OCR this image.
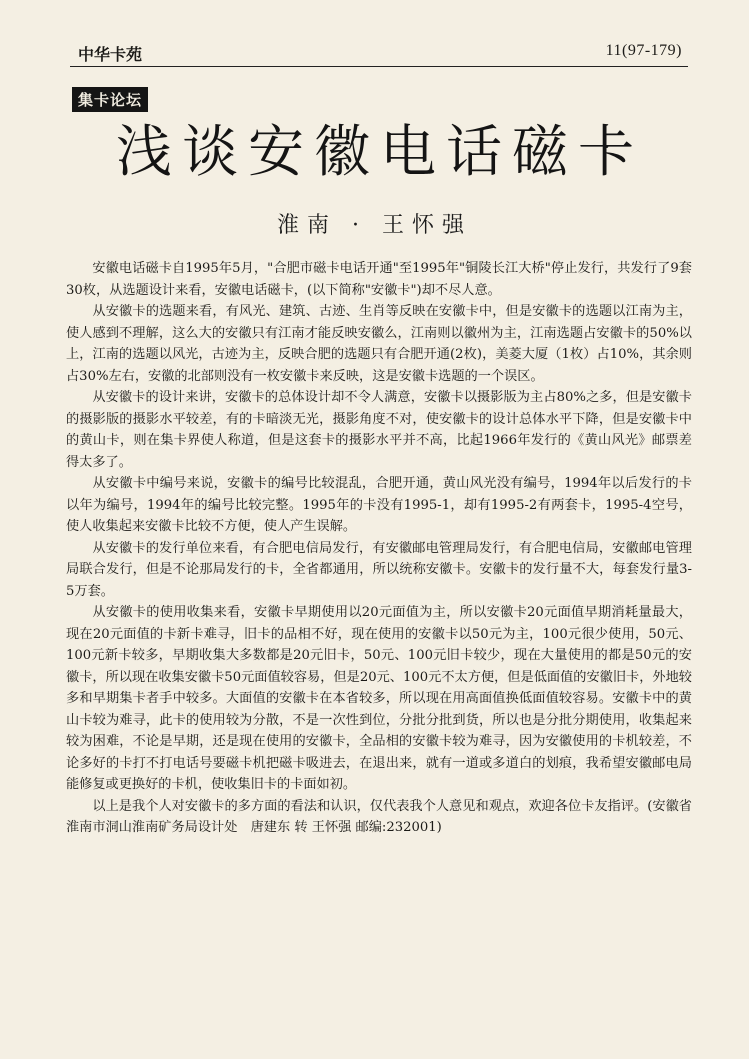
中华卡苑	11(97-179)
集卡论坛
浅谈安徽电话磁卡
淮南 · 王怀强

安徽电话磁卡自1995年5月，"合肥市磁卡电话开通"至1995年"铜陵长江大桥"停止发行，共发行了9套30枚，从选题设计来看，安徽电话磁卡，(以下简称"安徽卡")却不尽人意。

从安徽卡的选题来看，有风光、建筑、古迹、生肖等反映在安徽卡中，但是安徽卡的选题以江南为主，使人感到不理解，这么大的安徽只有江南才能反映安徽么，江南则以徽州为主，江南选题占安徽卡的50%以上，江南的选题以风光，古迹为主，反映合肥的选题只有合肥开通(2枚)，美菱大厦（1枚）占10%，其余则占30%左右，安徽的北部则没有一枚安徽卡来反映，这是安徽卡选题的一个误区。

从安徽卡的设计来讲，安徽卡的总体设计却不令人满意，安徽卡以摄影版为主占80%之多，但是安徽卡的摄影版的摄影水平较差，有的卡暗淡无光，摄影角度不对，使安徽卡的设计总体水平下降，但是安徽卡中的黄山卡，则在集卡界使人称道，但是这套卡的摄影水平并不高，比起1966年发行的《黄山风光》邮票差得太多了。

从安徽卡中编号来说，安徽卡的编号比较混乱，合肥开通，黄山风光没有编号，1994年以后发行的卡以年为编号，1994年的编号比较完整。1995年的卡没有1995-1，却有1995-2有两套卡，1995-4空号，使人收集起来安徽卡比较不方便，使人产生误解。

从安徽卡的发行单位来看，有合肥电信局发行，有安徽邮电管理局发行，有合肥电信局，安徽邮电管理局联合发行，但是不论那局发行的卡，全省都通用，所以统称安徽卡。安徽卡的发行量不大，每套发行量3-5万套。

从安徽卡的使用收集来看，安徽卡早期使用以20元面值为主，所以安徽卡20元面值早期消耗量最大，现在20元面值的卡新卡难寻，旧卡的品相不好，现在使用的安徽卡以50元为主，100元很少使用，50元、100元新卡较多，早期收集大多数都是20元旧卡，50元、100元旧卡较少，现在大量使用的都是50元的安徽卡，所以现在收集安徽卡50元面值较容易，但是20元、100元不太方便，但是低面值的安徽旧卡，外地较多和早期集卡者手中较多。大面值的安徽卡在本省较多，所以现在用高面值换低面值较容易。安徽卡中的黄山卡较为难寻，此卡的使用较为分散，不是一次性到位，分批分批到货，所以也是分批分期使用，收集起来较为困难，不论是早期，还是现在使用的安徽卡，全品相的安徽卡较为难寻，因为安徽使用的卡机较差，不论多好的卡打不打电话号要磁卡机把磁卡吸进去，在退出来，就有一道或多道白的划痕，我希望安徽邮电局能修复或更换好的卡机，使收集旧卡的卡面如初。

以上是我个人对安徽卡的多方面的看法和认识，仅代表我个人意见和观点，欢迎各位卡友指评。(安徽省淮南市洞山淮南矿务局设计处　唐建东 转 王怀强 邮编:232001)
